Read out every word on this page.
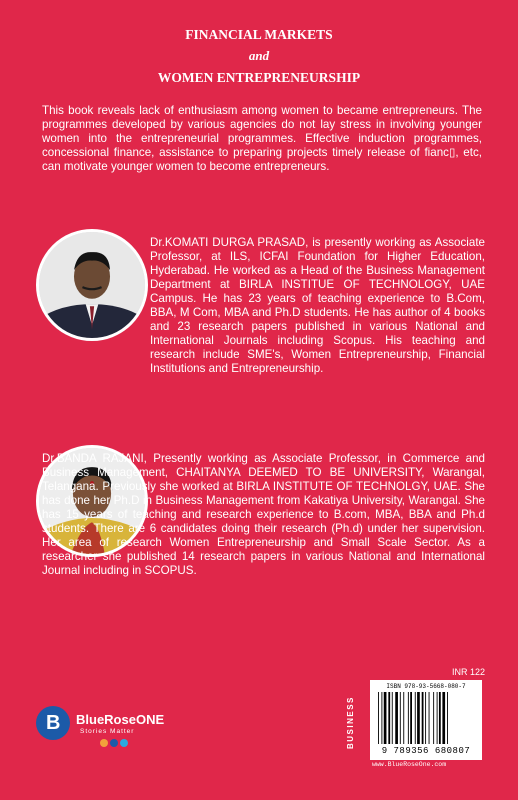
FINANCIAL MARKETS
and
WOMEN ENTREPRENEURSHIP
This book reveals lack of enthusiasm among women to became entrepreneurs. The programmes developed by various agencies do not lay stress in involving younger women into the entrepreneurial programmes. Effective induction programmes, concessional finance, assistance to preparing projects timely release of fianc▯, etc, can motivate younger women to become entrepreneurs.
Dr.KOMATI DURGA PRASAD, is presently working as Associate Professor, at ILS, ICFAI Foundation for Higher Education, Hyderabad. He worked as a Head of the Business Management Department at BIRLA INSTITUE OF TECHNOLOGY, UAE Campus. He has 23 years of teaching experience to B.Com, BBA, M Com, MBA and Ph.D students. He has author of 4 books and 23 research papers published in various National and International Journals including Scopus. His teaching and research include SME's, Women Entrepreneurship, Financial Institutions and Entrepreneurship.
Dr.BANDA RAJANI, Presently working as Associate Professor, in Commerce and Business Management, CHAITANYA DEEMED TO BE UNIVERSITY, Warangal, Telangana. Previously she worked at BIRLA INSTITUTE OF TECHNOLGY, UAE. She has done her Ph.D in Business Management from Kakatiya University, Warangal. She has 15 years of teaching and research experience to B.com, MBA, BBA and Ph.d students. There are 6 candidates doing their research (Ph.d) under her supervision. Her area of research Women Entrepreneurship and Small Scale Sector. As a researcher she published 14 research papers in various National and International Journal including in SCOPUS.
INR 122
BUSINESS
ISBN 978-93-5668-080-7
9 789356 680807
www.BlueRoseOne.com
B BlueRoseONE
Stories Matter
